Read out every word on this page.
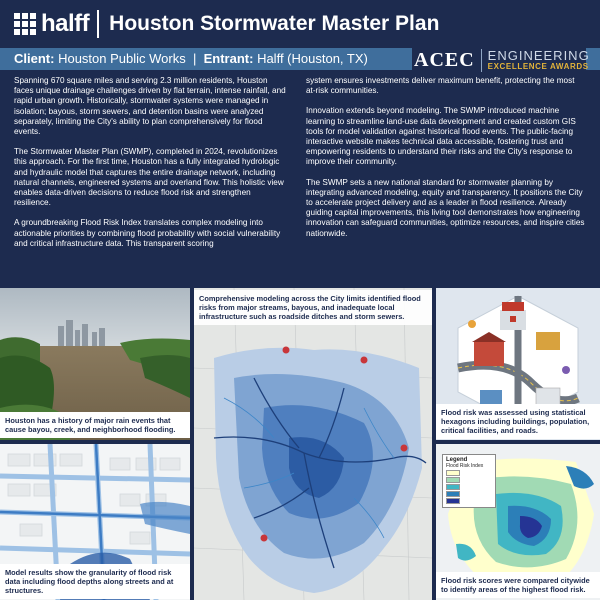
halff Houston Stormwater Master Plan
Client: Houston Public Works | Entrant: Halff (Houston, TX) ACEC	ENGINEERING
EXCELLENCE AWARDS

Spanning 670 square miles and serving 2.3 million residents, Houston faces unique drainage challenges driven by flat terrain, intense rainfall, and rapid urban growth. Historically, stormwater systems were managed in isolation; bayous, storm sewers, and detention basins were analyzed separately, limiting the City's ability to plan comprehensively for flood events.

The Stormwater Master Plan (SWMP), completed in 2024, revolutionizes this approach. For the first time, Houston has a fully integrated hydrologic and hydraulic model that captures the entire drainage network, including natural channels, engineered systems and overland flow. This holistic view enables data-driven decisions to reduce flood risk and strengthen resilience.

A groundbreaking Flood Risk Index translates complex modeling into actionable priorities by combining flood probability with social vulnerability and critical infrastructure data. This transparent scoring

system ensures investments deliver maximum benefit, protecting the most at-risk communities.

Innovation extends beyond modeling. The SWMP introduced machine learning to streamline land-use data development and created custom GIS tools for model validation against historical flood events. The public-facing interactive website makes technical data accessible, fostering trust and empowering residents to understand their risks and the City's response to improve their community.

The SWMP sets a new national standard for stormwater planning by integrating advanced modeling, equity and transparency. It positions the City to accelerate project delivery and as a leader in flood resilience. Already guiding capital improvements, this living tool demonstrates how engineering innovation can safeguard communities, optimize resources, and inspire cities nationwide.

Houston has a history of major rain events that cause bayou, creek, and neighborhood flooding.
Comprehensive modeling across the City limits identified flood risks from major streams, bayous, and inadequate local infrastructure such as roadside ditches and storm sewers.
Flood risk was assessed using statistical hexagons including buildings, population, critical facilities, and roads.
Model results show the granularity of flood risk data including flood depths along streets and at structures.
Legend
Flood Risk Index
Flood risk scores were compared citywide to identify areas of the highest flood risk.
